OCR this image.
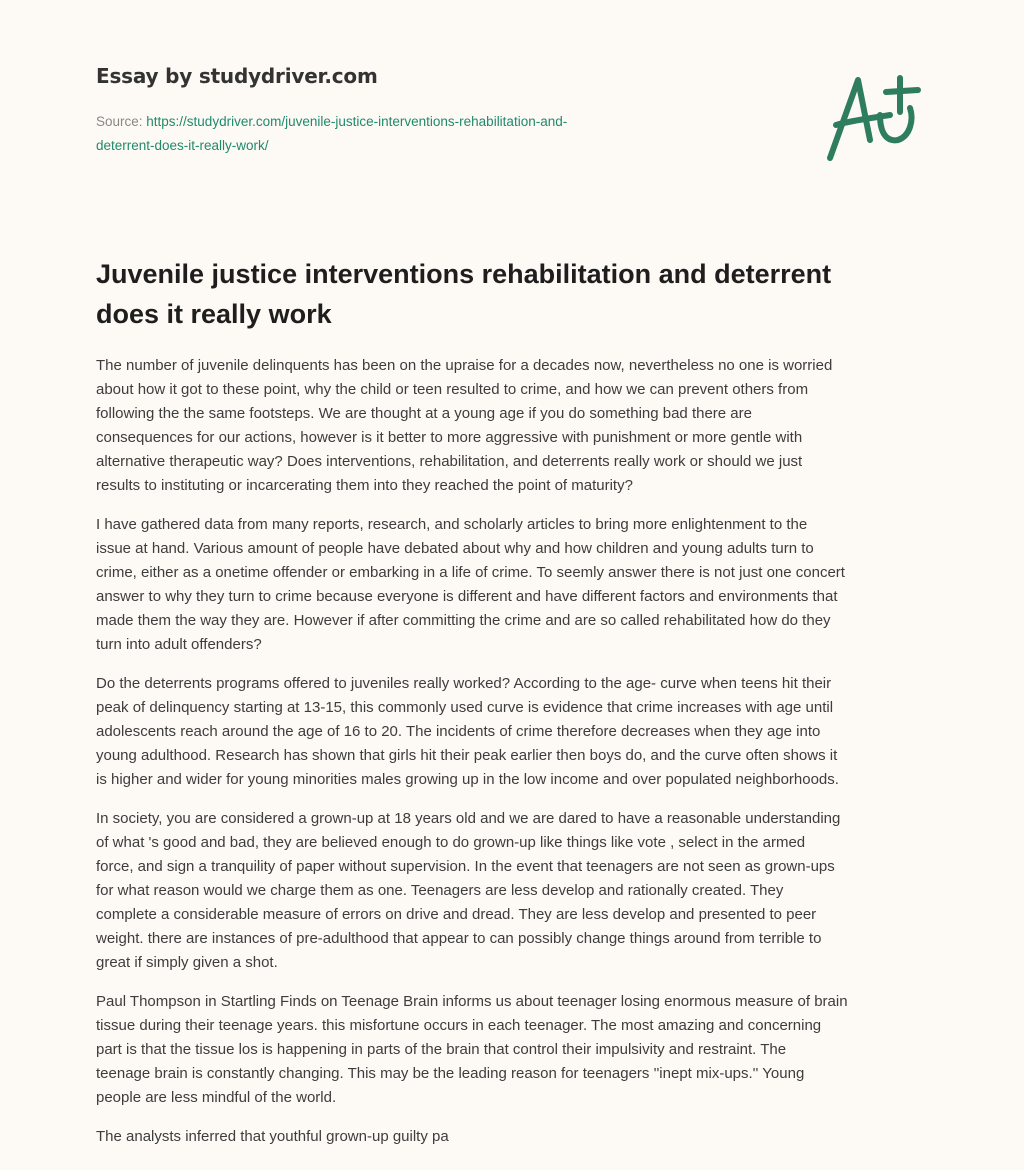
Essay by studydriver.com
Source: https://studydriver.com/juvenile-justice-interventions-rehabilitation-and-
deterrent-does-it-really-work/
Juvenile justice interventions rehabilitation and deterrent
does it really work

The number of juvenile delinquents has been on the upraise for a decades now, nevertheless no one is worried
about how it got to these point, why the child or teen resulted to crime, and how we can prevent others from
following the the same footsteps. We are thought at a young age if you do something bad there are
consequences for our actions, however is it better to more aggressive with punishment or more gentle with
alternative therapeutic way? Does interventions, rehabilitation, and deterrents really work or should we just
results to instituting or incarcerating them into they reached the point of maturity?

I have gathered data from many reports, research, and scholarly articles to bring more enlightenment to the
issue at hand. Various amount of people have debated about why and how children and young adults turn to
crime, either as a onetime offender or embarking in a life of crime. To seemly answer there is not just one concert
answer to why they turn to crime because everyone is different and have different factors and environments that
made them the way they are. However if after committing the crime and are so called rehabilitated how do they
turn into adult offenders?

Do the deterrents programs offered to juveniles really worked? According to the age- curve when teens hit their
peak of delinquency starting at 13-15, this commonly used curve is evidence that crime increases with age until
adolescents reach around the age of 16 to 20. The incidents of crime therefore decreases when they age into
young adulthood. Research has shown that girls hit their peak earlier then boys do, and the curve often shows it
is higher and wider for young minorities males growing up in the low income and over populated neighborhoods.

In society, you are considered a grown-up at 18 years old and we are dared to have a reasonable understanding
of what 's good and bad, they are believed enough to do grown-up like things like vote , select in the armed
force, and sign a tranquility of paper without supervision. In the event that teenagers are not seen as grown-ups
for what reason would we charge them as one. Teenagers are less develop and rationally created. They
complete a considerable measure of errors on drive and dread. They are less develop and presented to peer
weight. there are instances of pre-adulthood that appear to can possibly change things around from terrible to
great if simply given a shot.

Paul Thompson in Startling Finds on Teenage Brain informs us about teenager losing enormous measure of brain
tissue during their teenage years. this misfortune occurs in each teenager. The most amazing and concerning
part is that the tissue los is happening in parts of the brain that control their impulsivity and restraint. The
teenage brain is constantly changing. This may be the leading reason for teenagers ''inept mix-ups.'' Young
people are less mindful of the world.

The analysts inferred that youthful grown-up guilty pa
